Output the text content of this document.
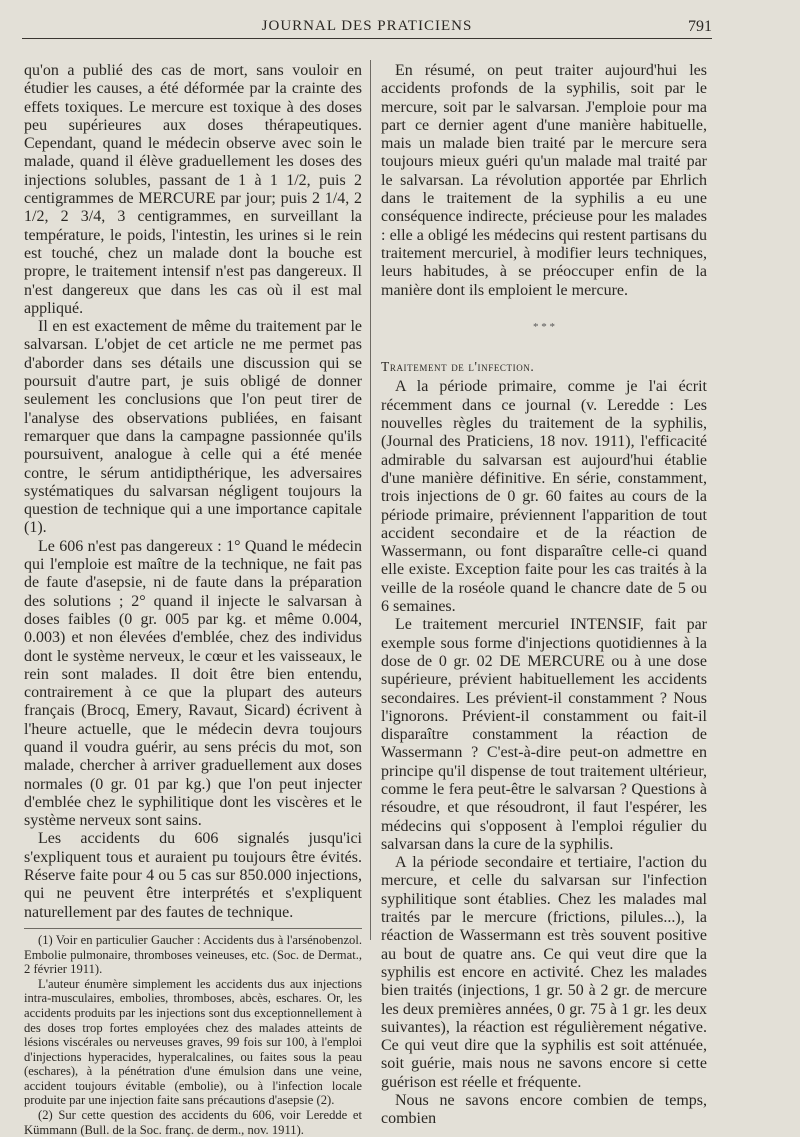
JOURNAL DES PRATICIENS	791

qu'on a publié des cas de mort, sans vouloir en étudier les causes, a été déformée par la crainte des effets toxiques. Le mercure est toxique à des doses peu supérieures aux doses thérapeutiques. Cependant, quand le médecin observe avec soin le malade, quand il élève graduellement les doses des injections solubles, passant de 1 à 1 1/2, puis 2 centigrammes de MERCURE par jour; puis 2 1/4, 2 1/2, 2 3/4, 3 centigrammes, en surveillant la température, le poids, l'intestin, les urines si le rein est touché, chez un malade dont la bouche est propre, le traitement intensif n'est pas dangereux. Il n'est dangereux que dans les cas où il est mal appliqué.

Il en est exactement de même du traitement par le salvarsan. L'objet de cet article ne me permet pas d'aborder dans ses détails une discussion qui se poursuit d'autre part, je suis obligé de donner seulement les conclusions que l'on peut tirer de l'analyse des observations publiées, en faisant remarquer que dans la campagne passionnée qu'ils poursuivent, analogue à celle qui a été menée contre, le sérum antidipthérique, les adversaires systématiques du salvarsan négligent toujours la question de technique qui a une importance capitale (1).

Le 606 n'est pas dangereux : 1° Quand le médecin qui l'emploie est maître de la technique, ne fait pas de faute d'asepsie, ni de faute dans la préparation des solutions ; 2° quand il injecte le salvarsan à doses faibles (0 gr. 005 par kg. et même 0.004, 0.003) et non élevées d'emblée, chez des individus dont le système nerveux, le cœur et les vaisseaux, le rein sont malades. Il doit être bien entendu, contrairement à ce que la plupart des auteurs français (Brocq, Emery, Ravaut, Sicard) écrivent à l'heure actuelle, que le médecin devra toujours quand il voudra guérir, au sens précis du mot, son malade, chercher à arriver graduellement aux doses normales (0 gr. 01 par kg.) que l'on peut injecter d'emblée chez le syphilitique dont les viscères et le système nerveux sont sains.

Les accidents du 606 signalés jusqu'ici s'expliquent tous et auraient pu toujours être évités. Réserve faite pour 4 ou 5 cas sur 850.000 injections, qui ne peuvent être interprétés et s'expliquent naturellement par des fautes de technique.

(1) Voir en particulier Gaucher : Accidents dus à l'arsénobenzol. Embolie pulmonaire, thromboses veineuses, etc. (Soc. de Dermat., 2 février 1911).

L'auteur énumère simplement les accidents dus aux injections intra-musculaires, embolies, thromboses, abcès, eschares. Or, les accidents produits par les injections sont dus exceptionnellement à des doses trop fortes employées chez des malades atteints de lésions viscérales ou nerveuses graves, 99 fois sur 100, à l'emploi d'injections hyperacides, hyperalcalines, ou faites sous la peau (eschares), à la pénétration d'une émulsion dans une veine, accident toujours évitable (embolie), ou à l'infection locale produite par une injection faite sans précautions d'asepsie (2).

(2) Sur cette question des accidents du 606, voir Leredde et Kümmann (Bull. de la Soc. franç. de derm., nov. 1911).

En résumé, on peut traiter aujourd'hui les accidents profonds de la syphilis, soit par le mercure, soit par le salvarsan. J'emploie pour ma part ce dernier agent d'une manière habituelle, mais un malade bien traité par le mercure sera toujours mieux guéri qu'un malade mal traité par le salvarsan. La révolution apportée par Ehrlich dans le traitement de la syphilis a eu une conséquence indirecte, précieuse pour les malades : elle a obligé les médecins qui restent partisans du traitement mercuriel, à modifier leurs techniques, leurs habitudes, à se préoccuper enfin de la manière dont ils emploient le mercure.

* * *

Traitement de l'infection.

A la période primaire, comme je l'ai écrit récemment dans ce journal (v. Leredde : Les nouvelles règles du traitement de la syphilis, (Journal des Praticiens, 18 nov. 1911), l'efficacité admirable du salvarsan est aujourd'hui établie d'une manière définitive. En série, constamment, trois injections de 0 gr. 60 faites au cours de la période primaire, préviennent l'apparition de tout accident secondaire et de la réaction de Wassermann, ou font disparaître celle-ci quand elle existe. Exception faite pour les cas traités à la veille de la roséole quand le chancre date de 5 ou 6 semaines.

Le traitement mercuriel INTENSIF, fait par exemple sous forme d'injections quotidiennes à la dose de 0 gr. 02 DE MERCURE ou à une dose supérieure, prévient habituellement les accidents secondaires. Les prévient-il constamment ? Nous l'ignorons. Prévient-il constamment ou fait-il disparaître constamment la réaction de Wassermann ? C'est-à-dire peut-on admettre en principe qu'il dispense de tout traitement ultérieur, comme le fera peut-être le salvarsan ? Questions à résoudre, et que résoudront, il faut l'espérer, les médecins qui s'opposent à l'emploi régulier du salvarsan dans la cure de la syphilis.

A la période secondaire et tertiaire, l'action du mercure, et celle du salvarsan sur l'infection syphilitique sont établies. Chez les malades mal traités par le mercure (frictions, pilules...), la réaction de Wassermann est très souvent positive au bout de quatre ans. Ce qui veut dire que la syphilis est encore en activité. Chez les malades bien traités (injections, 1 gr. 50 à 2 gr. de mercure les deux premières années, 0 gr. 75 à 1 gr. les deux suivantes), la réaction est régulièrement négative. Ce qui veut dire que la syphilis est soit atténuée, soit guérie, mais nous ne savons encore si cette guérison est réelle et fréquente.

Nous ne savons encore combien de temps, combien
